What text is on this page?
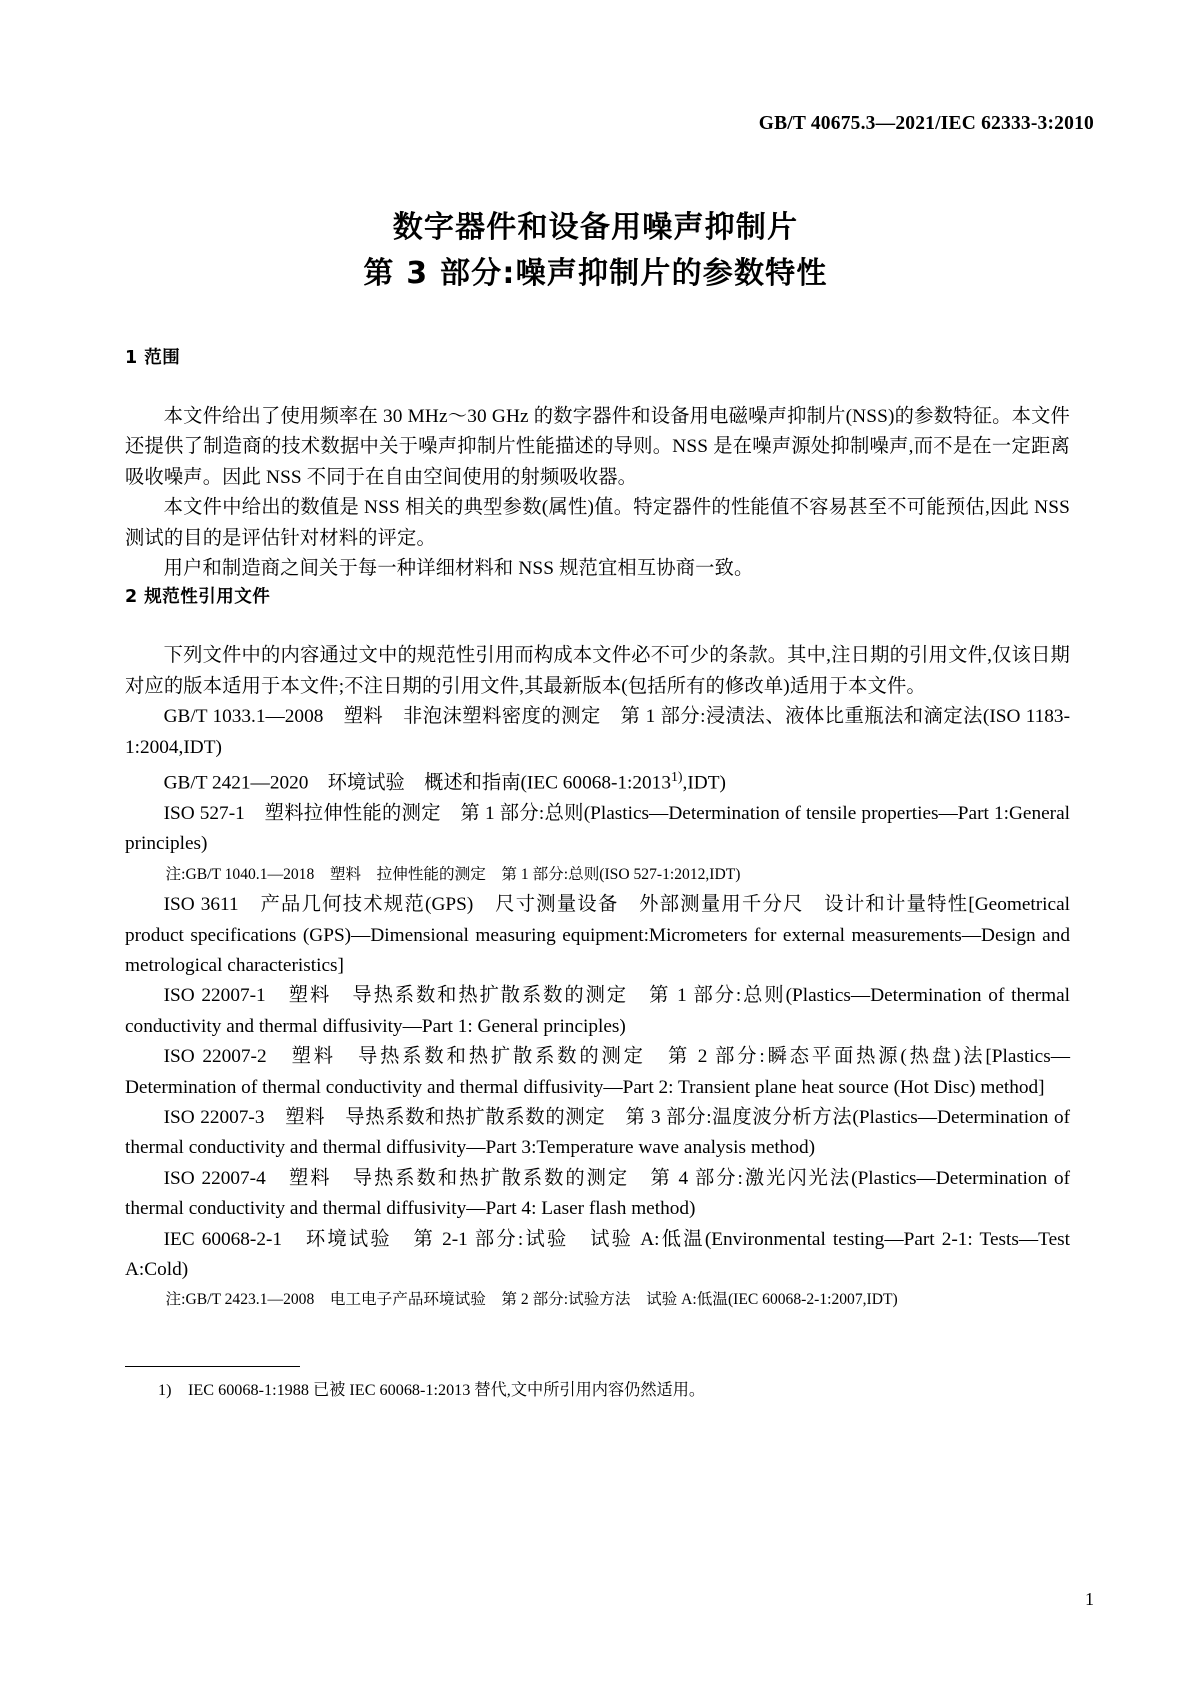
GB/T 40675.3—2021/IEC 62333-3:2010
数字器件和设备用噪声抑制片
第 3 部分:噪声抑制片的参数特性
1 范围

本文件给出了使用频率在 30 MHz～30 GHz 的数字器件和设备用电磁噪声抑制片(NSS)的参数特征。本文件还提供了制造商的技术数据中关于噪声抑制片性能描述的导则。NSS 是在噪声源处抑制噪声,而不是在一定距离吸收噪声。因此 NSS 不同于在自由空间使用的射频吸收器。

本文件中给出的数值是 NSS 相关的典型参数(属性)值。特定器件的性能值不容易甚至不可能预估,因此 NSS 测试的目的是评估针对材料的评定。

用户和制造商之间关于每一种详细材料和 NSS 规范宜相互协商一致。

2 规范性引用文件

下列文件中的内容通过文中的规范性引用而构成本文件必不可少的条款。其中,注日期的引用文件,仅该日期对应的版本适用于本文件;不注日期的引用文件,其最新版本(包括所有的修改单)适用于本文件。

GB/T 1033.1—2008　塑料　非泡沫塑料密度的测定　第 1 部分:浸渍法、液体比重瓶法和滴定法(ISO 1183-1:2004,IDT)

GB/T 2421—2020　环境试验　概述和指南(IEC 60068-1:2013$^{1)}$,IDT)

ISO 527-1　塑料拉伸性能的测定　第 1 部分:总则(Plastics—Determination of tensile properties—Part 1:General principles)

注:GB/T 1040.1—2018　塑料　拉伸性能的测定　第 1 部分:总则(ISO 527-1:2012,IDT)

ISO 3611　产品几何技术规范(GPS)　尺寸测量设备　外部测量用千分尺　设计和计量特性[Geometrical product specifications (GPS)—Dimensional measuring equipment:Micrometers for external measurements—Design and metrological characteristics]

ISO 22007-1　塑料　导热系数和热扩散系数的测定　第 1 部分:总则(Plastics—Determination of thermal conductivity and thermal diffusivity—Part 1: General principles)

ISO 22007-2　塑料　导热系数和热扩散系数的测定　第 2 部分:瞬态平面热源(热盘)法[Plastics—Determination of thermal conductivity and thermal diffusivity—Part 2: Transient plane heat source (Hot Disc) method]

ISO 22007-3　塑料　导热系数和热扩散系数的测定　第 3 部分:温度波分析方法(Plastics—Determination of thermal conductivity and thermal diffusivity—Part 3:Temperature wave analysis method)

ISO 22007-4　塑料　导热系数和热扩散系数的测定　第 4 部分:激光闪光法(Plastics—Determination of thermal conductivity and thermal diffusivity—Part 4: Laser flash method)

IEC 60068-2-1　环境试验　第 2-1 部分:试验　试验 A:低温(Environmental testing—Part 2-1: Tests—Test A:Cold)

注:GB/T 2423.1—2008　电工电子产品环境试验　第 2 部分:试验方法　试验 A:低温(IEC 60068-2-1:2007,IDT)

1) IEC 60068-1:1988 已被 IEC 60068-1:2013 替代,文中所引用内容仍然适用。

1
